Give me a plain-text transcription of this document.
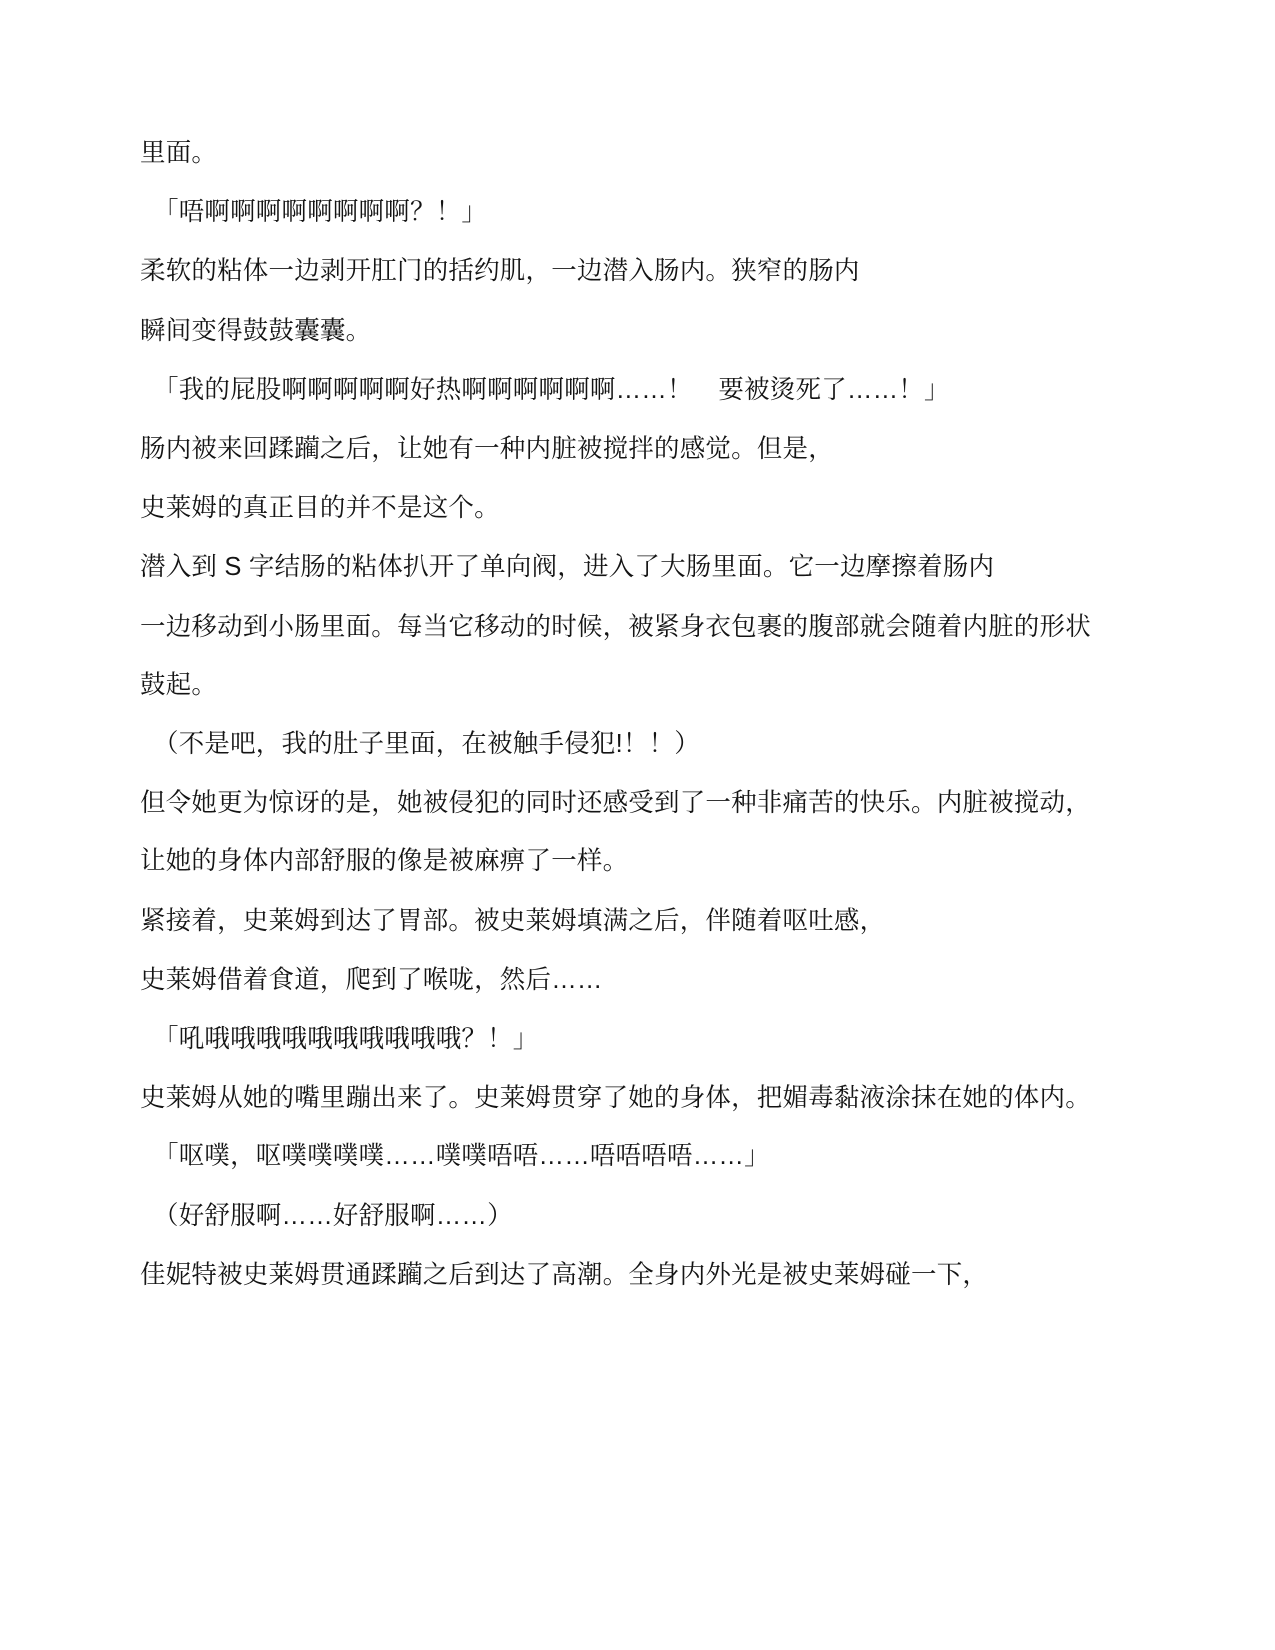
里面。

「唔啊啊啊啊啊啊啊啊？！」

柔软的粘体一边剥开肛门的括约肌，一边潜入肠内。狭窄的肠内

瞬间变得鼓鼓囊囊。

「我的屁股啊啊啊啊啊好热啊啊啊啊啊啊……！　要被烫死了……！」

肠内被来回蹂躏之后，让她有一种内脏被搅拌的感觉。但是，

史莱姆的真正目的并不是这个。

潜入到 S 字结肠的粘体扒开了单向阀，进入了大肠里面。它一边摩擦着肠内

一边移动到小肠里面。每当它移动的时候，被紧身衣包裹的腹部就会随着内脏的形状

鼓起。

（不是吧，我的肚子里面，在被触手侵犯!！！）

但令她更为惊讶的是，她被侵犯的同时还感受到了一种非痛苦的快乐。内脏被搅动，

让她的身体内部舒服的像是被麻痹了一样。

紧接着，史莱姆到达了胃部。被史莱姆填满之后，伴随着呕吐感，

史莱姆借着食道，爬到了喉咙，然后……

「吼哦哦哦哦哦哦哦哦哦哦？！」

史莱姆从她的嘴里蹦出来了。史莱姆贯穿了她的身体，把媚毒黏液涂抹在她的体内。

「呕噗，呕噗噗噗噗……噗噗唔唔……唔唔唔唔……」

（好舒服啊……好舒服啊……）

佳妮特被史莱姆贯通蹂躏之后到达了高潮。全身内外光是被史莱姆碰一下，
